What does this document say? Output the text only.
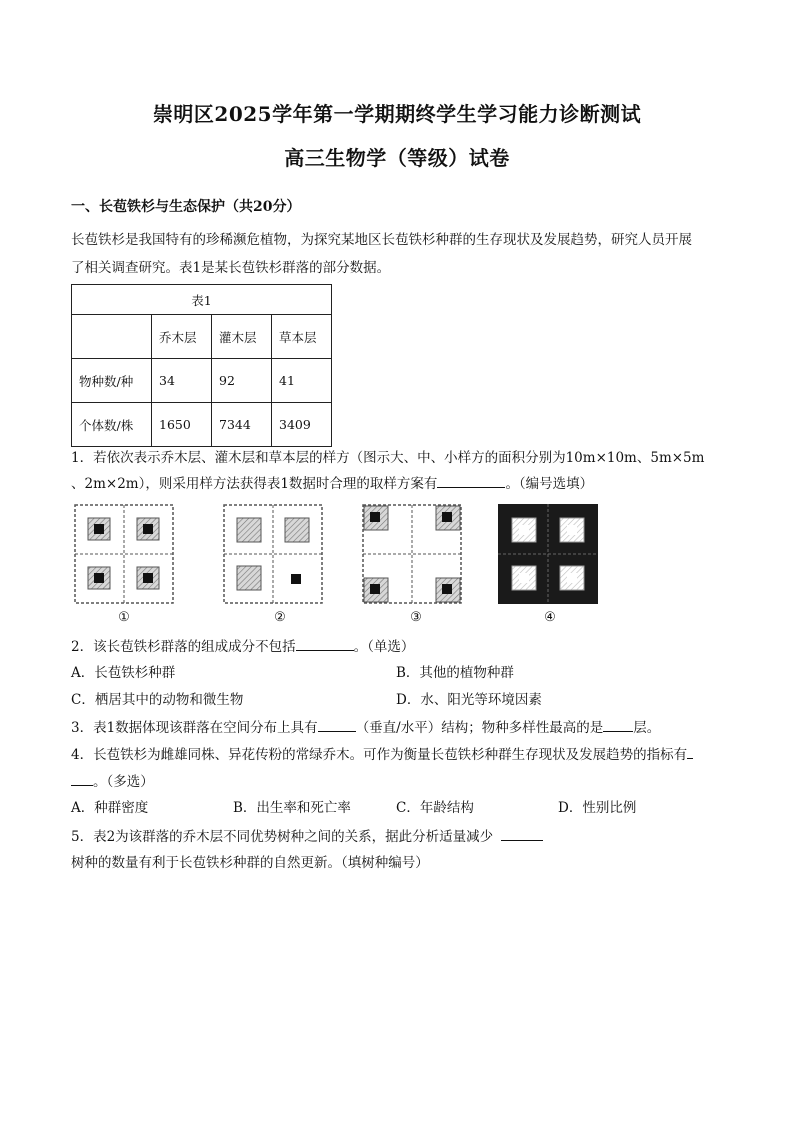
崇明区2025学年第一学期期终学生学习能力诊断测试
高三生物学（等级）试卷
一、长苞铁杉与生态保护（共20分）
长苞铁杉是我国特有的珍稀濒危植物，为探究某地区长苞铁杉种群的生存现状及发展趋势，研究人员开展
了相关调查研究。表1是某长苞铁杉群落的部分数据。
表1			
	乔木层	灌木层	草本层
物种数/种	34	92	41
个体数/株	1650	7344	3409
1．若依次表示乔木层、灌木层和草本层的样方（图示大、中、小样方的面积分别为10m×10m、5m×5m
、2m×2m），则采用样方法获得表1数据时合理的取样方案有	。（编号选填）
①	②	③	④
2．该长苞铁杉群落的组成成分不包括	。（单选）
A．长苞铁杉种群	B．其他的植物种群
C．栖居其中的动物和微生物	D．水、阳光等环境因素
3．表1数据体现该群落在空间分布上具有	（垂直/水平）结构；物种多样性最高的是 层。
4．长苞铁杉为雌雄同株、异花传粉的常绿乔木。可作为衡量长苞铁杉种群生存现状及发展趋势的指标有
。（多选）
A．种群密度	B．出生率和死亡率	C．年龄结构	D．性别比例
5．表2为该群落的乔木层不同优势树种之间的关系，据此分析适量减少
树种的数量有利于长苞铁杉种群的自然更新。（填树种编号）
